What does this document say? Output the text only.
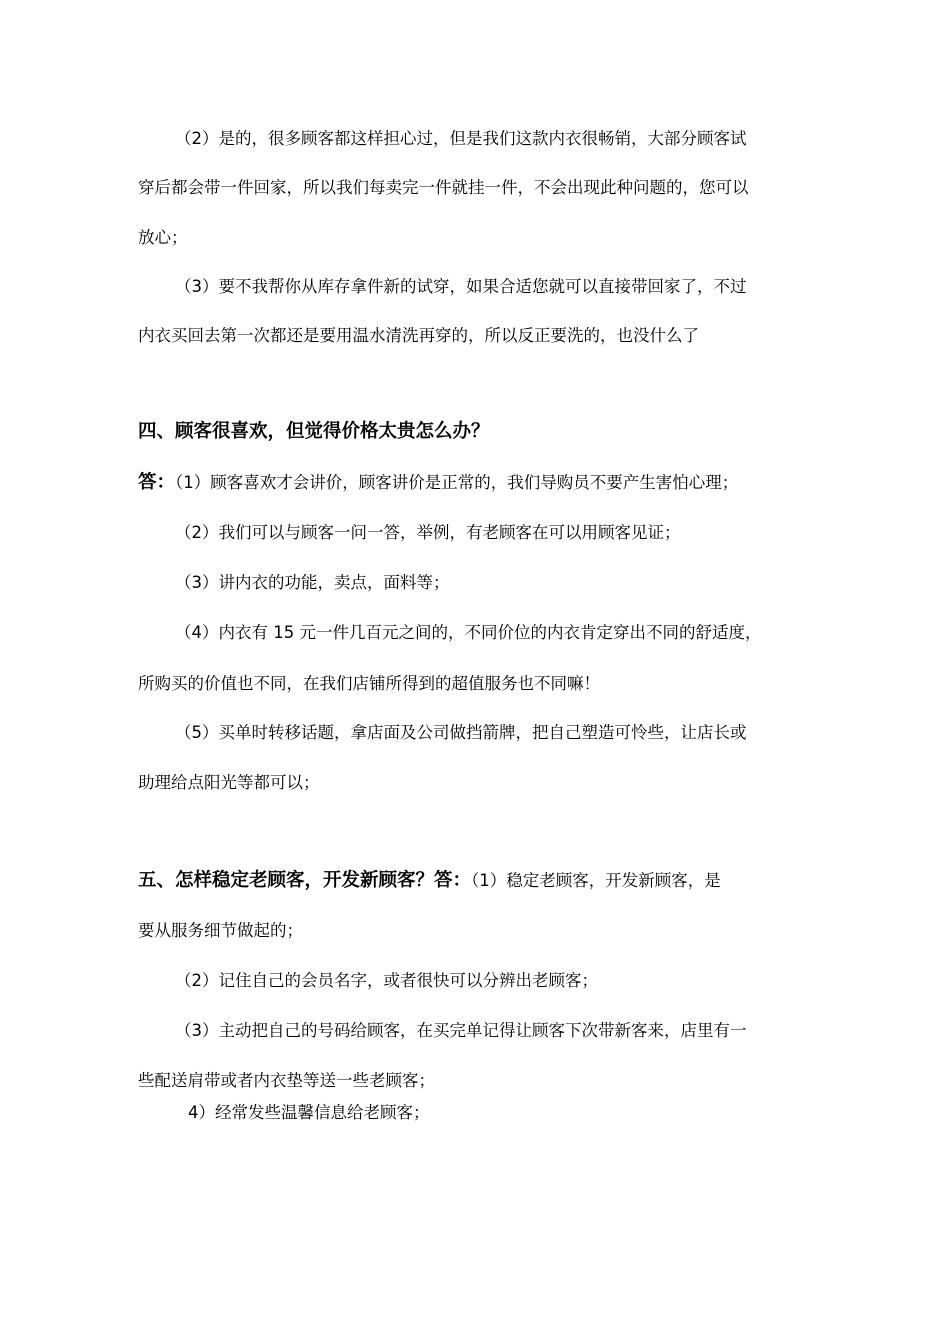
（2）是的，很多顾客都这样担心过，但是我们这款内衣很畅销，大部分顾客试
穿后都会带一件回家，所以我们每卖完一件就挂一件，不会出现此种问题的，您可以
放心；
（3）要不我帮你从库存拿件新的试穿，如果合适您就可以直接带回家了，不过
内衣买回去第一次都还是要用温水清洗再穿的，所以反正要洗的，也没什么了
四、顾客很喜欢，但觉得价格太贵怎么办？
答：（1）顾客喜欢才会讲价，顾客讲价是正常的，我们导购员不要产生害怕心理；
（2）我们可以与顾客一问一答，举例，有老顾客在可以用顾客见证；
（3）讲内衣的功能，卖点，面料等；
（4）内衣有 15 元一件几百元之间的，不同价位的内衣肯定穿出不同的舒适度，
所购买的价值也不同，在我们店铺所得到的超值服务也不同嘛！
（5）买单时转移话题，拿店面及公司做挡箭牌，把自己塑造可怜些，让店长或
助理给点阳光等都可以；
五、怎样稳定老顾客，开发新顾客？答：（1）稳定老顾客，开发新顾客，是
要从服务细节做起的；
（2）记住自己的会员名字，或者很快可以分辨出老顾客；
（3）主动把自己的号码给顾客，在买完单记得让顾客下次带新客来，店里有一
些配送肩带或者内衣垫等送一些老顾客；
4）经常发些温馨信息给老顾客；
